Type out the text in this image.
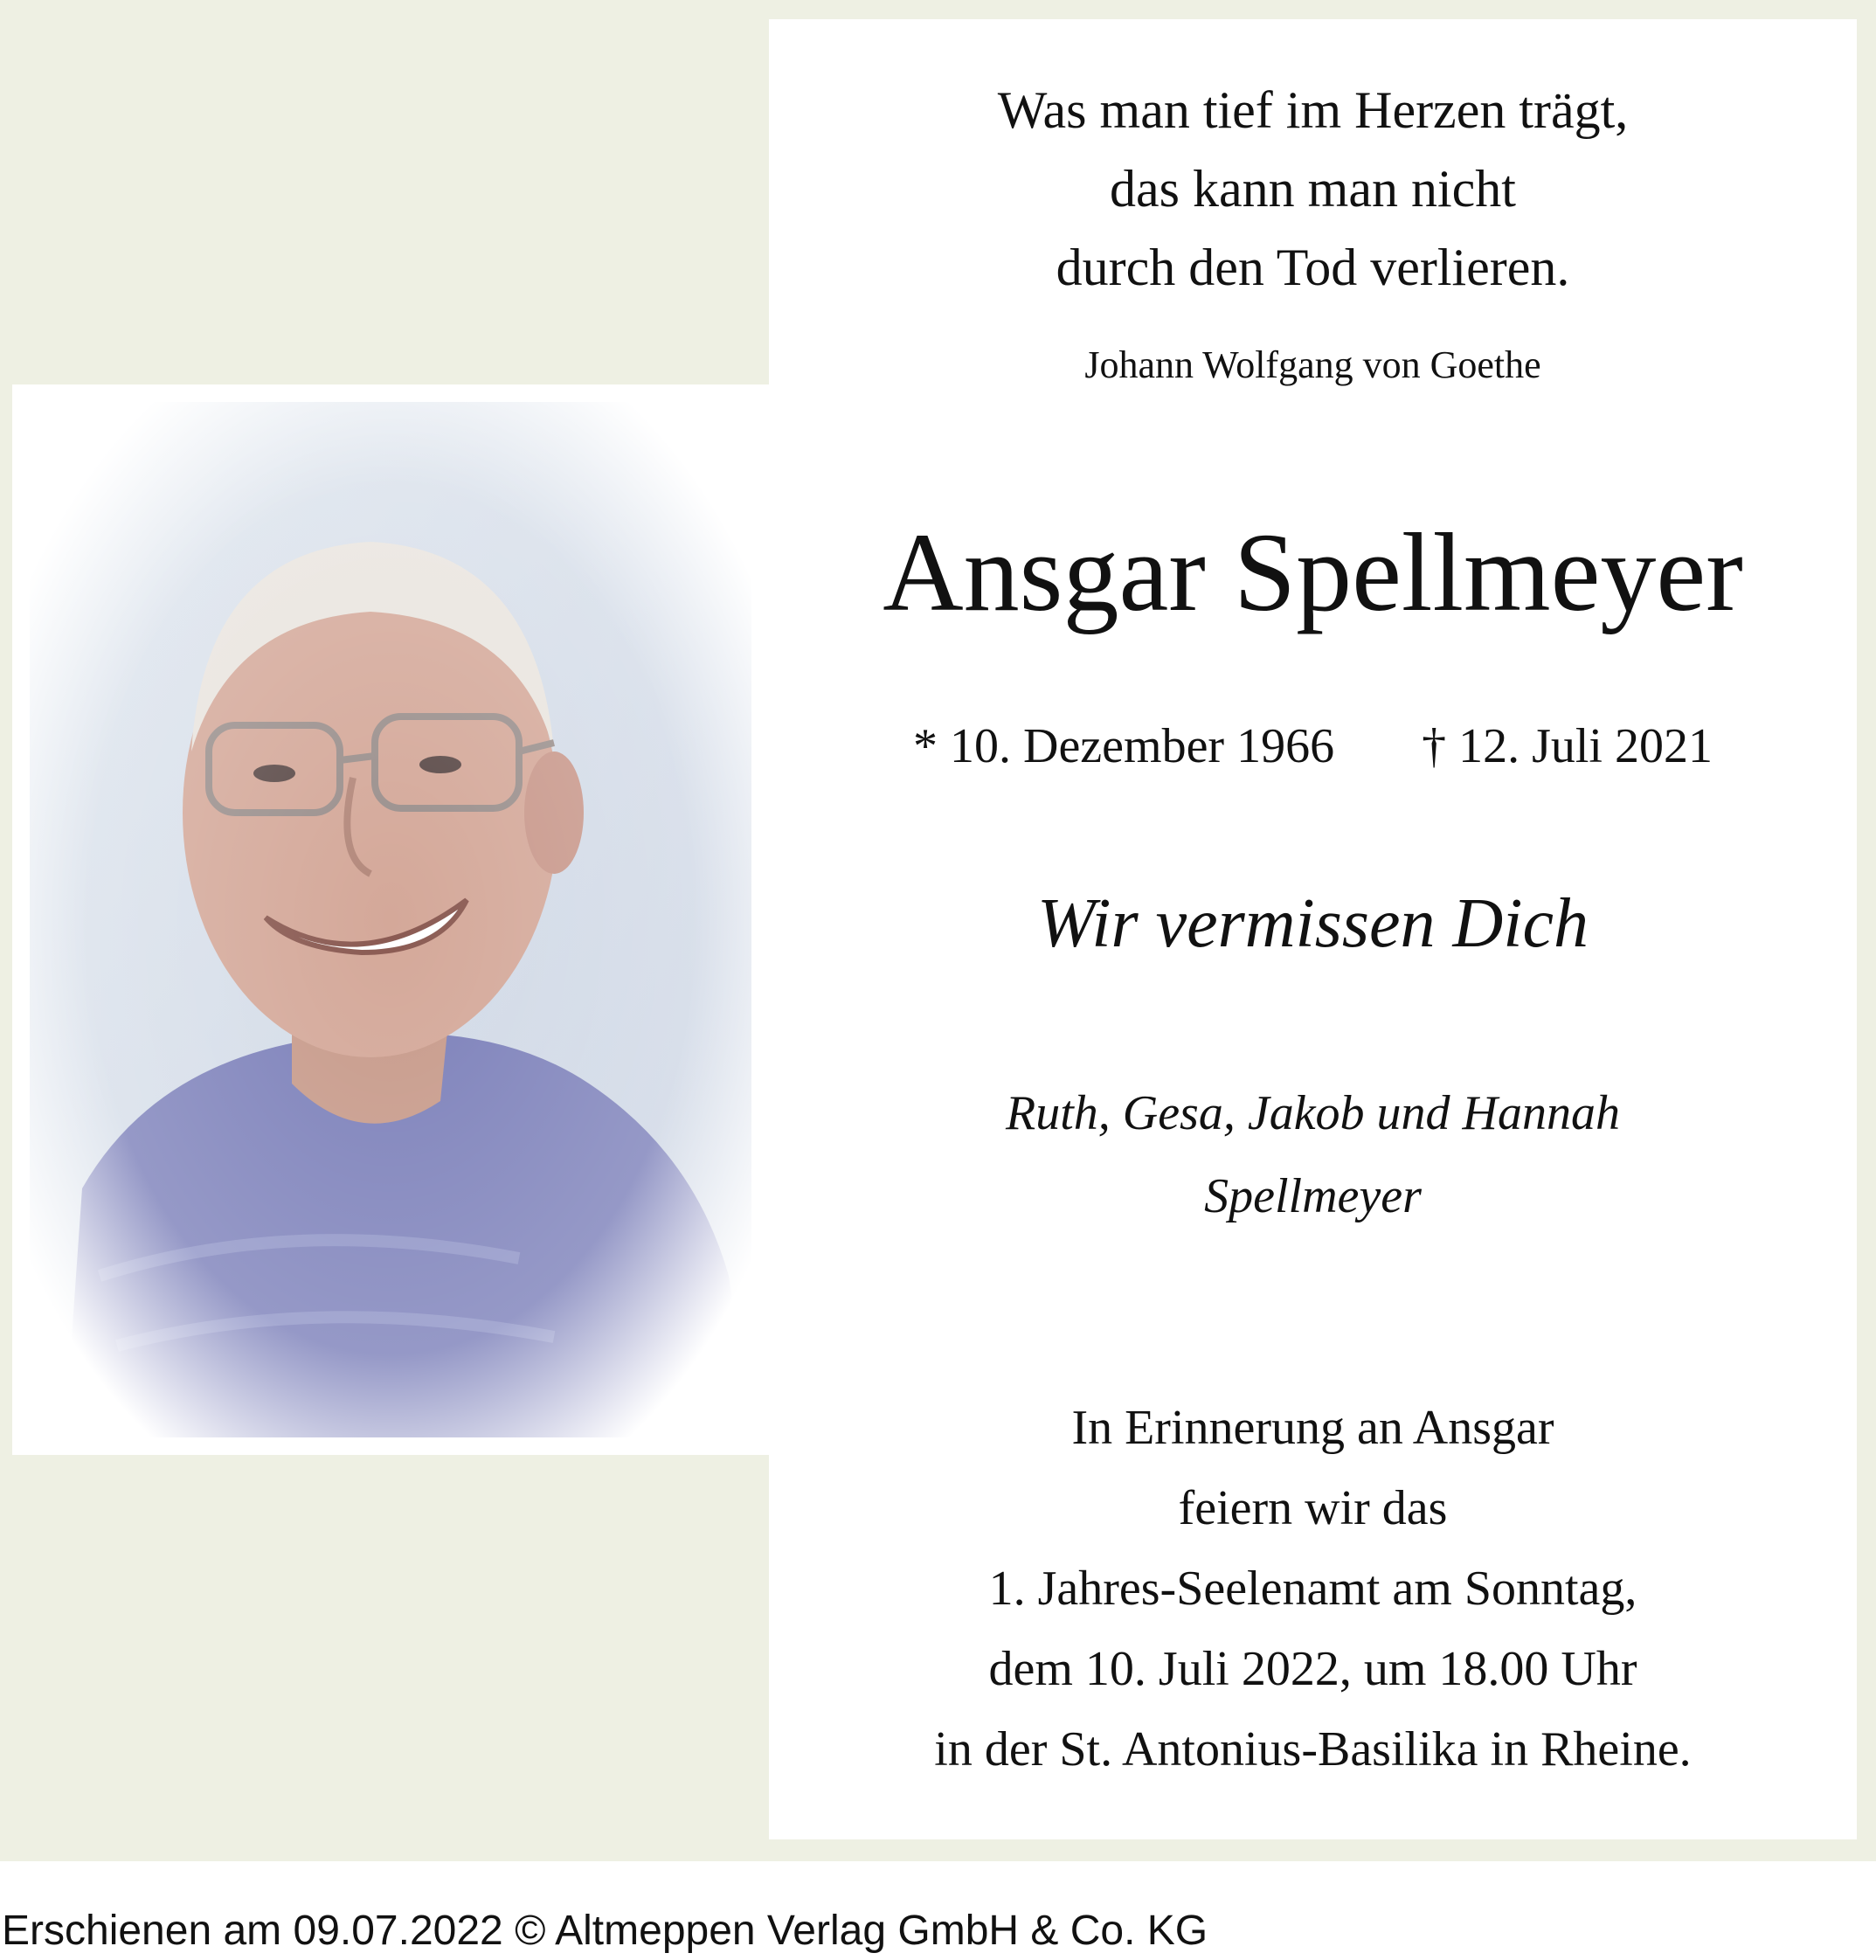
Was man tief im Herzen trägt,
das kann man nicht
durch den Tod verlieren.
Johann Wolfgang von Goethe
Ansgar Spellmeyer
* 10. Dezember 1966 † 12. Juli 2021
Wir vermissen Dich
Ruth, Gesa, Jakob und Hannah
Spellmeyer
In Erinnerung an Ansgar
feiern wir das
1. Jahres-Seelenamt am Sonntag,
dem 10. Juli 2022, um 18.00 Uhr
in der St. Antonius-Basilika in Rheine.
Erschienen am 09.07.2022 © Altmeppen Verlag GmbH & Co. KG
